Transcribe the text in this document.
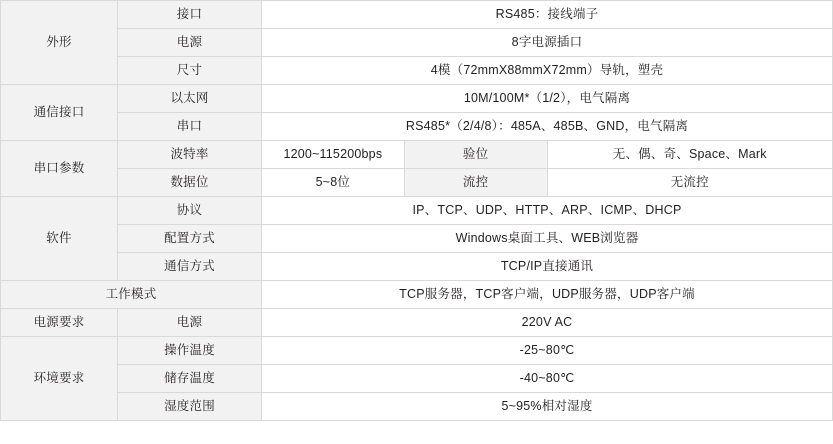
外形	接口	RS485：接线端子		
	电源	8字电源插口		
	尺寸	4模（72mmX88mmX72mm）导轨，塑壳		
通信接口	以太网	10M/100M*（1/2），电气隔离		
	串口	RS485*（2/4/8）：485A、485B、GND，电气隔离		
串口参数	波特率	1200~115200bps	验位	无、偶、奇、Space、Mark
	数据位	5~8位	流控	无流控
软件	协议	IP、TCP、UDP、HTTP、ARP、ICMP、DHCP		
	配置方式	Windows桌面工具、WEB浏览器		
	通信方式	TCP/IP直接通讯		
工作模式		TCP服务器，TCP客户端，UDP服务器，UDP客户端		
电源要求	电源	220V AC		
环境要求	操作温度	-25~80℃		
	储存温度	-40~80℃		
	湿度范围	5~95%相对湿度		
